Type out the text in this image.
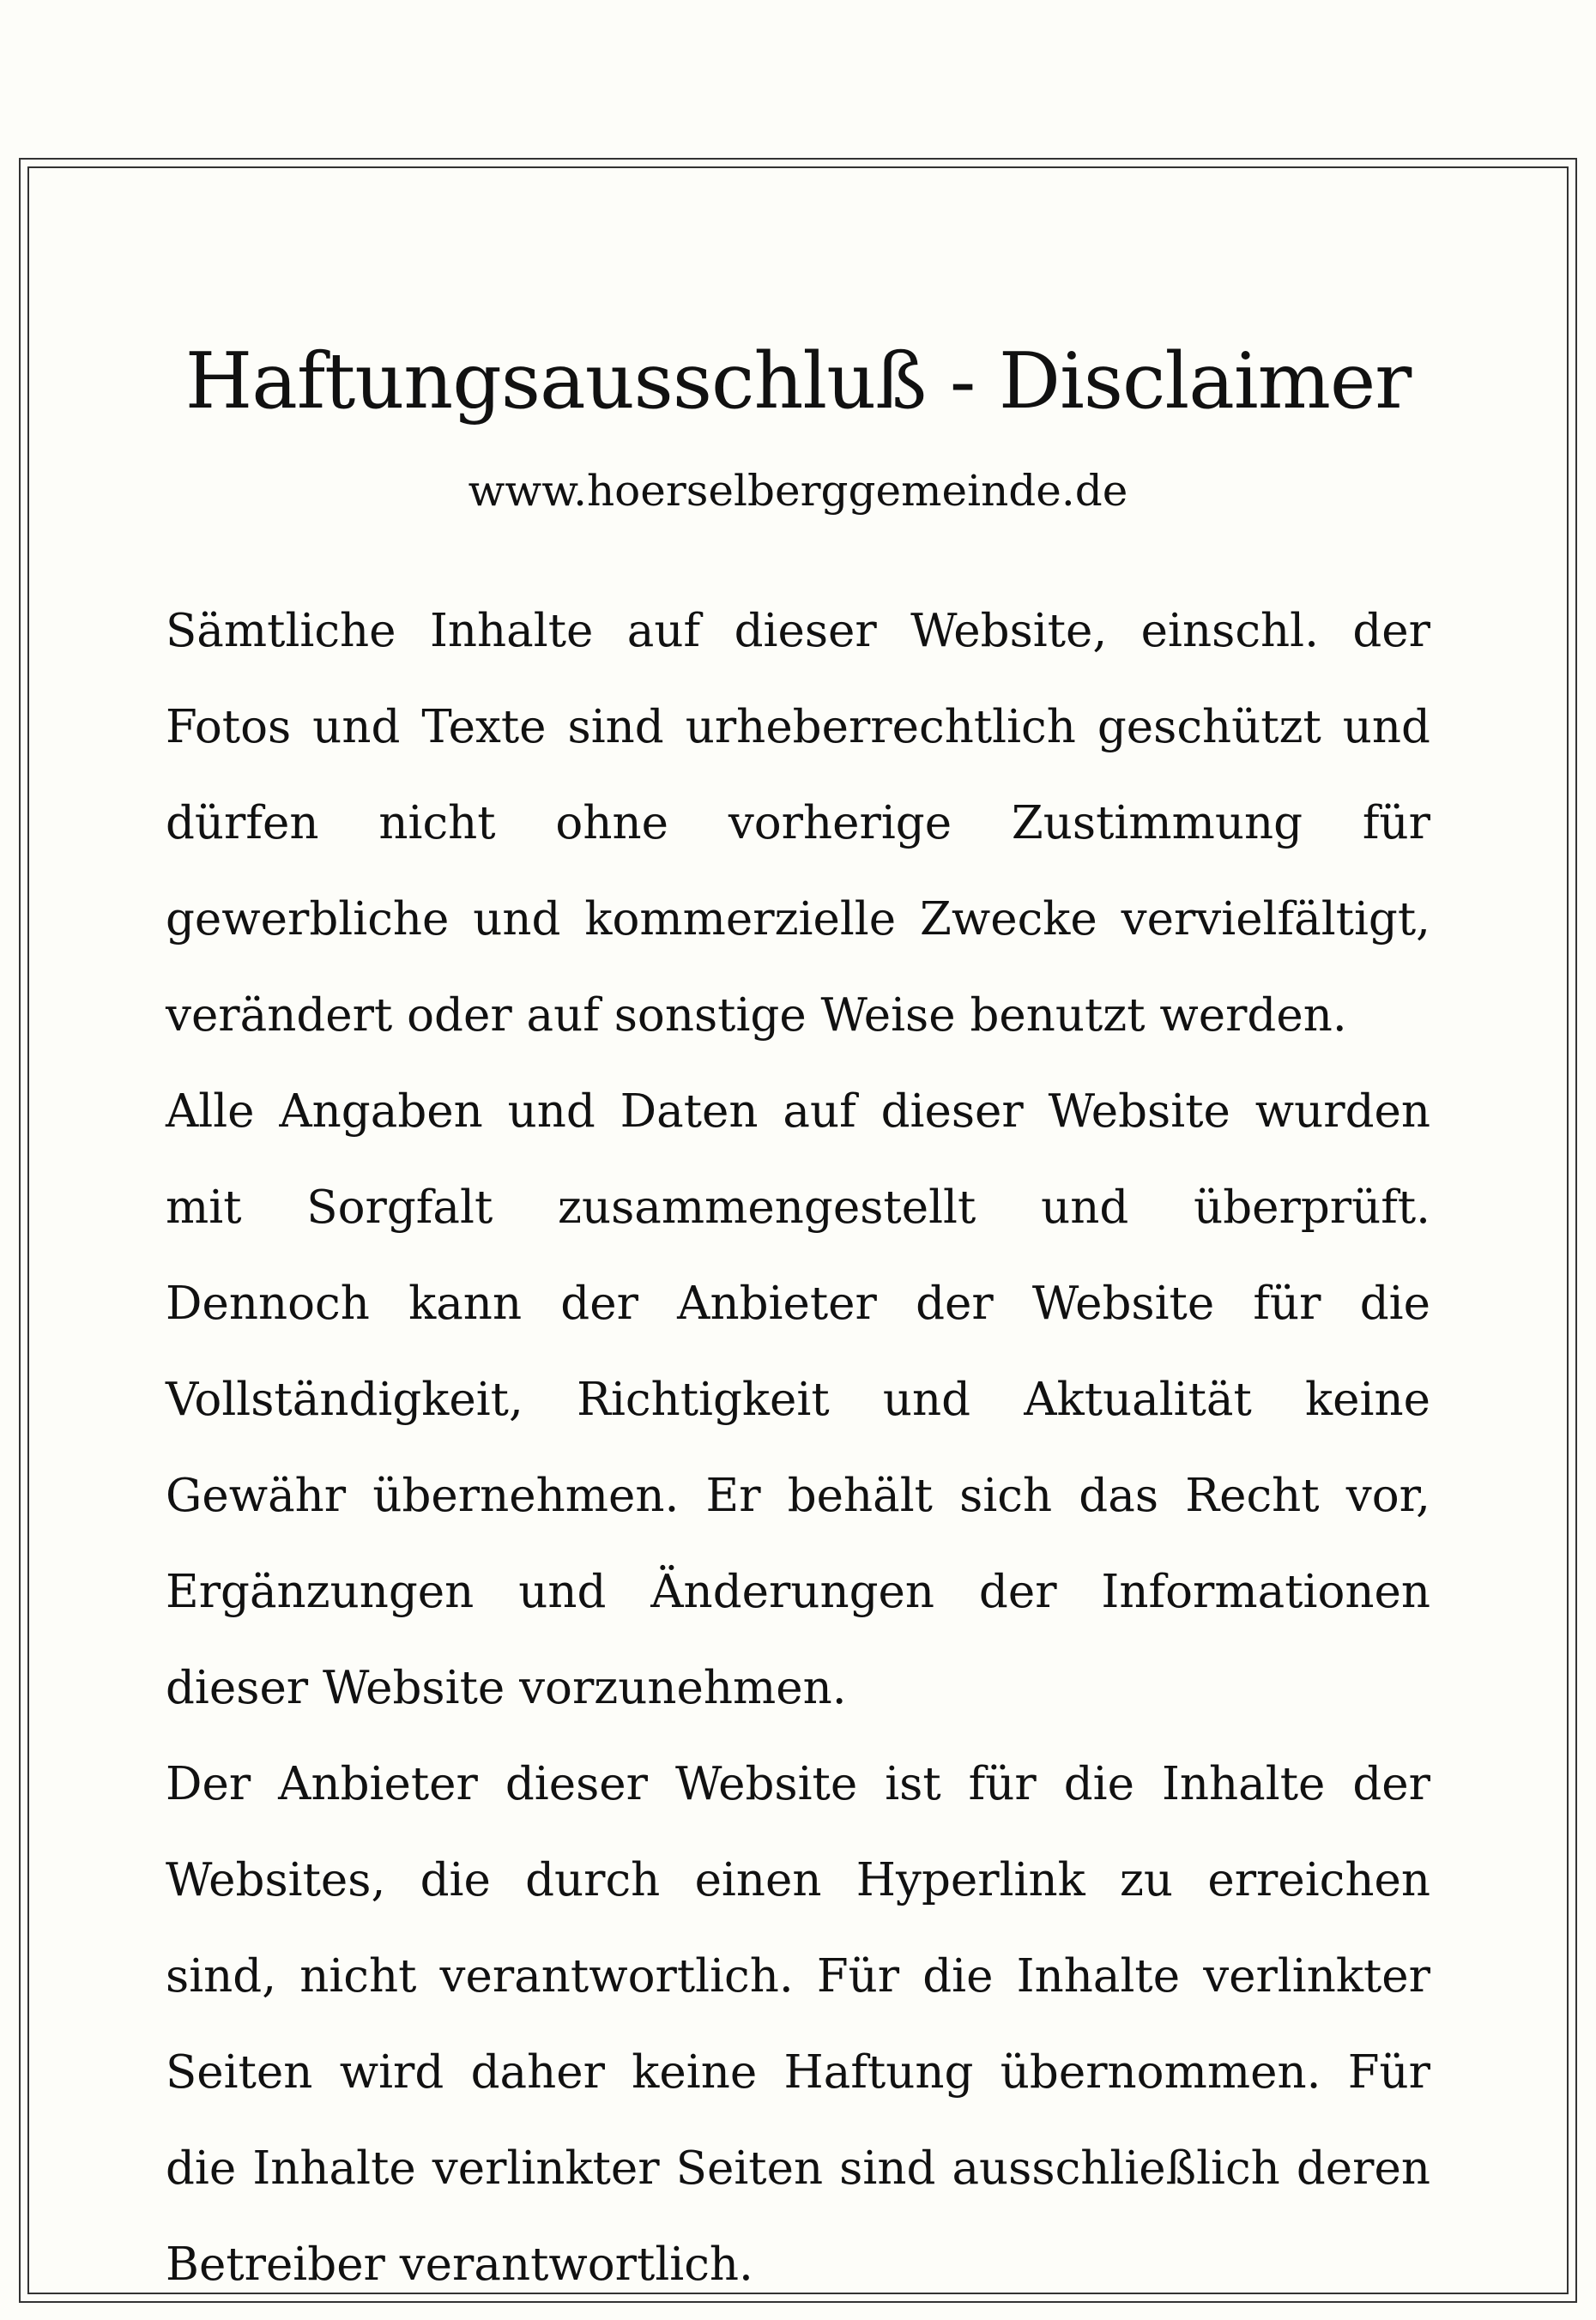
Haftungsausschluß - Disclaimer
www.hoerselberggemeinde.de

Sämtliche Inhalte auf dieser Website, einschl. der Fotos und Texte sind urheberrechtlich geschützt und dürfen nicht ohne vorherige Zustimmung für gewerbliche und kommerzielle Zwecke vervielfältigt, verändert oder auf sonstige Weise benutzt werden.

Alle Angaben und Daten auf dieser Website wurden mit Sorgfalt zusammengestellt und überprüft. Dennoch kann der Anbieter der Website für die Vollständigkeit, Richtigkeit und Aktualität keine Gewähr übernehmen. Er behält sich das Recht vor, Ergänzungen und Änderungen der Informationen dieser Website vorzunehmen.

Der Anbieter dieser Website ist für die Inhalte der Websites, die durch einen Hyperlink zu erreichen sind, nicht verantwortlich. Für die Inhalte verlinkter Seiten wird daher keine Haftung übernommen. Für die Inhalte verlinkter Seiten sind ausschließlich deren Betreiber verantwortlich.
